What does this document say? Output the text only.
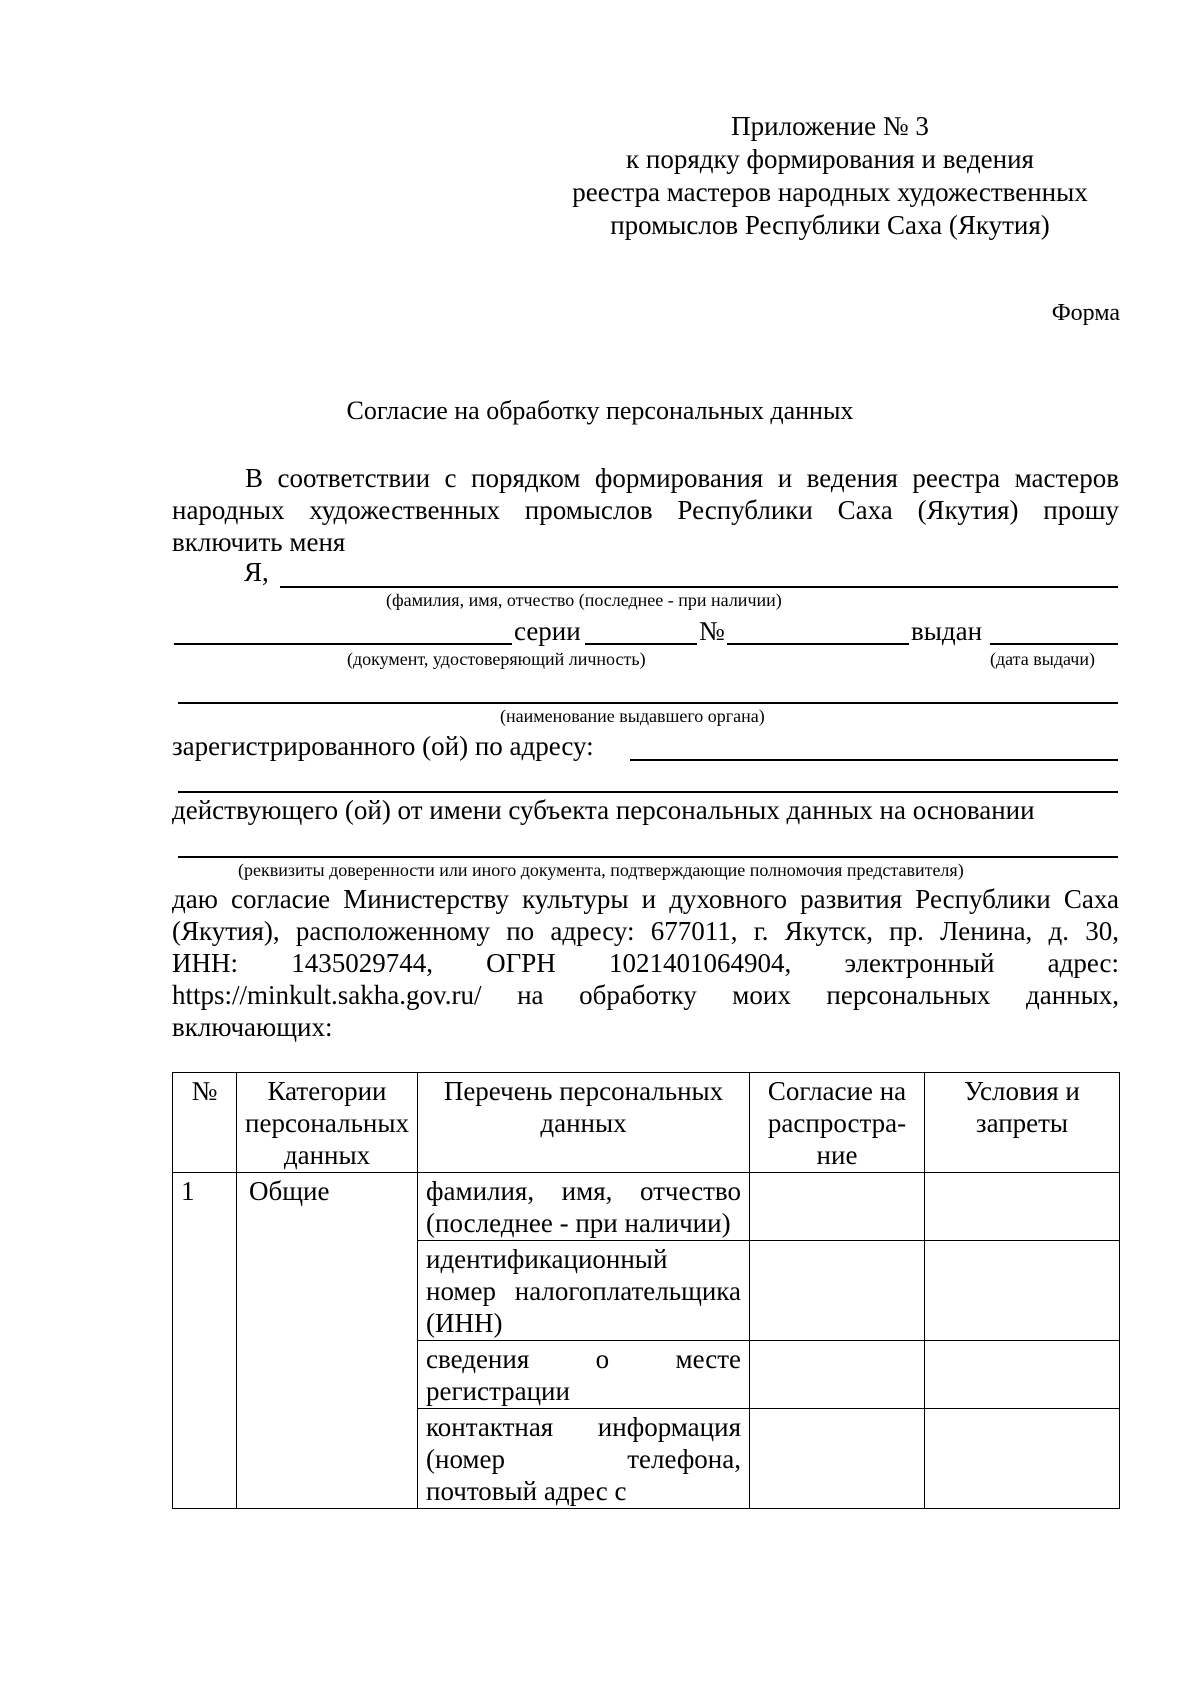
Приложение № 3
к порядку формирования и ведения
реестра мастеров народных художественных
промыслов Республики Саха (Якутия)
Форма
Согласие на обработку персональных данных
В соответствии с порядком формирования и ведения реестра мастеров
народных художественных промыслов Республики Саха (Якутия) прошу
включить меня
Я,
(фамилия, имя, отчество (последнее - при наличии)
серии	№	выдан
(документ, удостоверяющий личность)	(дата выдачи)
(наименование выдавшего органа)
зарегистрированного (ой) по адресу:
действующего (ой) от имени субъекта персональных данных на основании
(реквизиты доверенности или иного документа, подтверждающие полномочия представителя)
даю согласие Министерству культуры и духовного развития Республики Саха
(Якутия), расположенному по адресу: 677011, г. Якутск, пр. Ленина, д. 30,
ИНН: 1435029744, ОГРН 1021401064904, электронный адрес:
https://minkult.sakha.gov.ru/ на обработку моих персональных данных,
включающих:
№	Категории персональных данных	Перечень персональных данных	Согласие на распростра-ние	Условия и запреты
1	Общие	фамилия, имя, отчество (последнее - при наличии)		
		идентификационный номер налогоплательщика (ИНН)		
		сведения о месте регистрации		
		контактная информация (номер телефона, почтовый адрес с		
